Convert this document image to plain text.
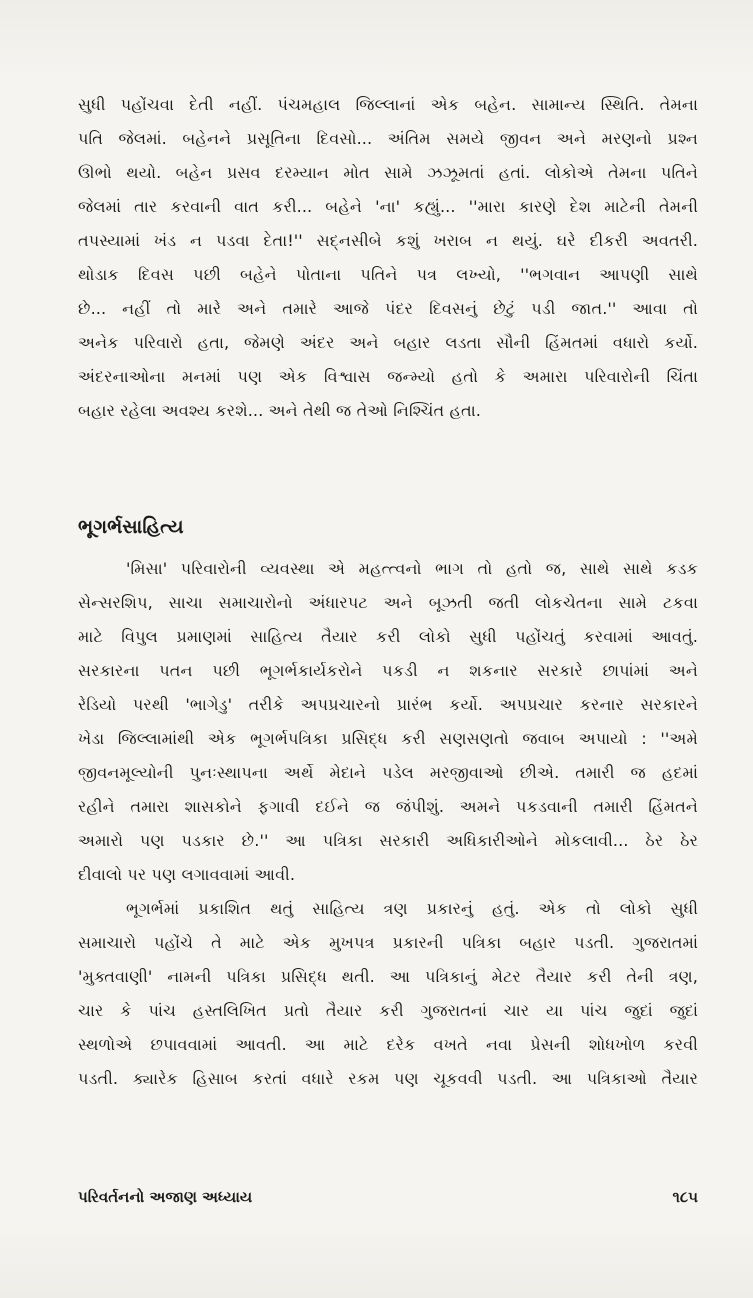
સુધી પહોંચવા દેતી નહીં. પંચમહાલ જિલ્લાનાં એક બહેન. સામાન્ય સ્થિતિ. તેમના
પતિ જેલમાં. બહેનને પ્રસૂતિના દિવસો... અંતિમ સમયે જીવન અને મરણનો પ્રશ્ન
ઊભો થયો. બહેન પ્રસવ દરમ્યાન મોત સામે ઝઝૂમતાં હતાં. લોકોએ તેમના પતિને
જેલમાં તાર કરવાની વાત કરી... બહેને 'ના' કહ્યું... ''મારા કારણે દેશ માટેની તેમની
તપસ્યામાં ખંડ ન પડવા દેતા!'' સદ્નસીબે કશું ખરાબ ન થયું. ઘરે દીકરી અવતરી.
થોડાક દિવસ પછી બહેને પોતાના પતિને પત્ર લખ્યો, ''ભગવાન આપણી સાથે
છે... નહીં તો મારે અને તમારે આજે પંદર દિવસનું છેટું પડી જાત.'' આવા તો
અનેક પરિવારો હતા, જેમણે અંદર અને બહાર લડતા સૌની હિંમતમાં વધારો કર્યો.
અંદરનાઓના મનમાં પણ એક વિશ્વાસ જન્મ્યો હતો કે અમારા પરિવારોની ચિંતા
બહાર રહેલા અવશ્ય કરશે... અને તેથી જ તેઓ નિશ્ચિંત હતા.
ભૂગર્ભસાહિત્ય
'મિસા' પરિવારોની વ્યવસ્થા એ મહત્ત્વનો ભાગ તો હતો જ, સાથે સાથે કડક
સેન્સરશિપ, સાચા સમાચારોનો અંધારપટ અને બૂઝતી જતી લોકચેતના સામે ટકવા
માટે વિપુલ પ્રમાણમાં સાહિત્ય તૈયાર કરી લોકો સુધી પહોંચતું કરવામાં આવતું.
સરકારના પતન પછી ભૂગર્ભકાર્યકરોને પકડી ન શકનાર સરકારે છાપાંમાં અને
રેડિયો પરથી 'ભાગેડુ' તરીકે અપપ્રચારનો પ્રારંભ કર્યો. અપપ્રચાર કરનાર સરકારને
ખેડા જિલ્લામાંથી એક ભૂગર્ભપત્રિકા પ્રસિદ્ધ કરી સણસણતો જવાબ અપાયો : ''અમે
જીવનમૂલ્યોની પુનઃસ્થાપના અર્થે મેદાને પડેલ મરજીવાઓ છીએ. તમારી જ હદમાં
રહીને તમારા શાસકોને ફગાવી દઈને જ જંપીશું. અમને પકડવાની તમારી હિંમતને
અમારો પણ પડકાર છે.'' આ પત્રિકા સરકારી અધિકારીઓને મોકલાવી... ઠેર ઠેર
દીવાલો પર પણ લગાવવામાં આવી.
ભૂગર્ભમાં પ્રકાશિત થતું સાહિત્ય ત્રણ પ્રકારનું હતું. એક તો લોકો સુધી
સમાચારો પહોંચે તે માટે એક મુખપત્ર પ્રકારની પત્રિકા બહાર પડતી. ગુજરાતમાં
'મુક્તવાણી' નામની પત્રિકા પ્રસિદ્ધ થતી. આ પત્રિકાનું મેટર તૈયાર કરી તેની ત્રણ,
ચાર કે પાંચ હસ્તલિખિત પ્રતો તૈયાર કરી ગુજરાતનાં ચાર યા પાંચ જુદાં જુદાં
સ્થળોએ છપાવવામાં આવતી. આ માટે દરેક વખતે નવા પ્રેસની શોધખોળ કરવી
પડતી. ક્યારેક હિસાબ કરતાં વધારે રકમ પણ ચૂકવવી પડતી. આ પત્રિકાઓ તૈયાર
પરિવર્તનનો અજાણ અધ્યાય	૧૮૫
